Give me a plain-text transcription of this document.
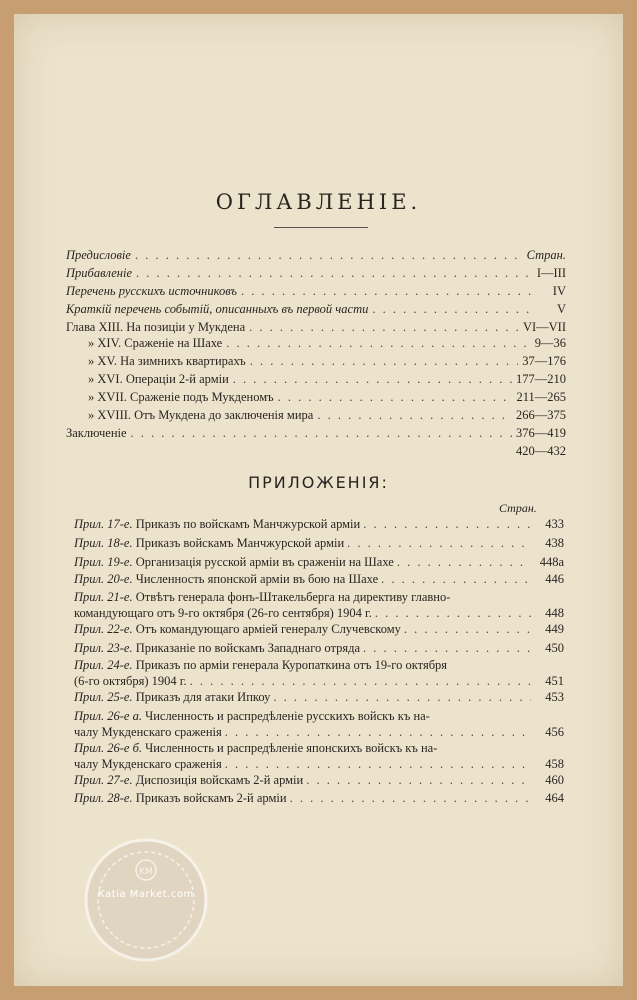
ОГЛАВЛЕНІЕ.
Предисловіе . . .	Стран.
Прибавленіе . . .	I—III
Перечень русскихъ источниковъ . . .	IV
Краткій перечень событій, описанныхъ въ первой части . . .	V
Глава XIII. На позиціи у Мукдена . . .	VI—VII
» XIV. Сраженіе на Шахе . . .	9—36
» XV. На зимнихъ квартирахъ . . .	37—176
» XVI. Операціи 2-й арміи . . .	177—210
» XVII. Сраженіе подъ Мукденомъ . . .	211—265
» XVIII. Отъ Мукдена до заключенія мира . . .	266—375
Заключеніе . . .	376—419
420—432
ПРИЛОЖЕНІЯ:
Стран.
Прил. 17-е. Приказъ по войскамъ Манчжурской арміи . . .	433
Прил. 18-е. Приказъ войскамъ Манчжурской арміи . . .	438
Прил. 19-е. Организація русской арміи въ сраженіи на Шахе . . .	448а
Прил. 20-е. Численность японской арміи въ бою на Шахе . . .	446
Прил. 21-е. Отвѣтъ генерала фонъ-Штакельберга на директиву главно-
командующаго отъ 9-го октября (26-го сентября) 1904 г. . . .	448
Прил. 22-е. Отъ командующаго арміей генералу Случевскому . . .	449
Прил. 23-е. Приказаніе по войскамъ Западнаго отряда . . .	450
Прил. 24-е. Приказъ по арміи генерала Куропаткина отъ 19-го октября
(6-го октября) 1904 г. . . .	451
Прил. 25-е. Приказъ для атаки Ипкоу . . .	453
Прил. 26-е а. Численность и распредѣленіе русскихъ войскъ къ на-
чалу Мукденскаго сраженія . . .	456
Прил. 26-е б. Численность и распредѣленіе японскихъ войскъ къ на-
чалу Мукденскаго сраженія . . .	458
Прил. 27-е. Диспозиція войскамъ 2-й арміи . . .	460
Прил. 28-е. Приказъ войскамъ 2-й арміи . . .	464
KM
Katia Market.com
